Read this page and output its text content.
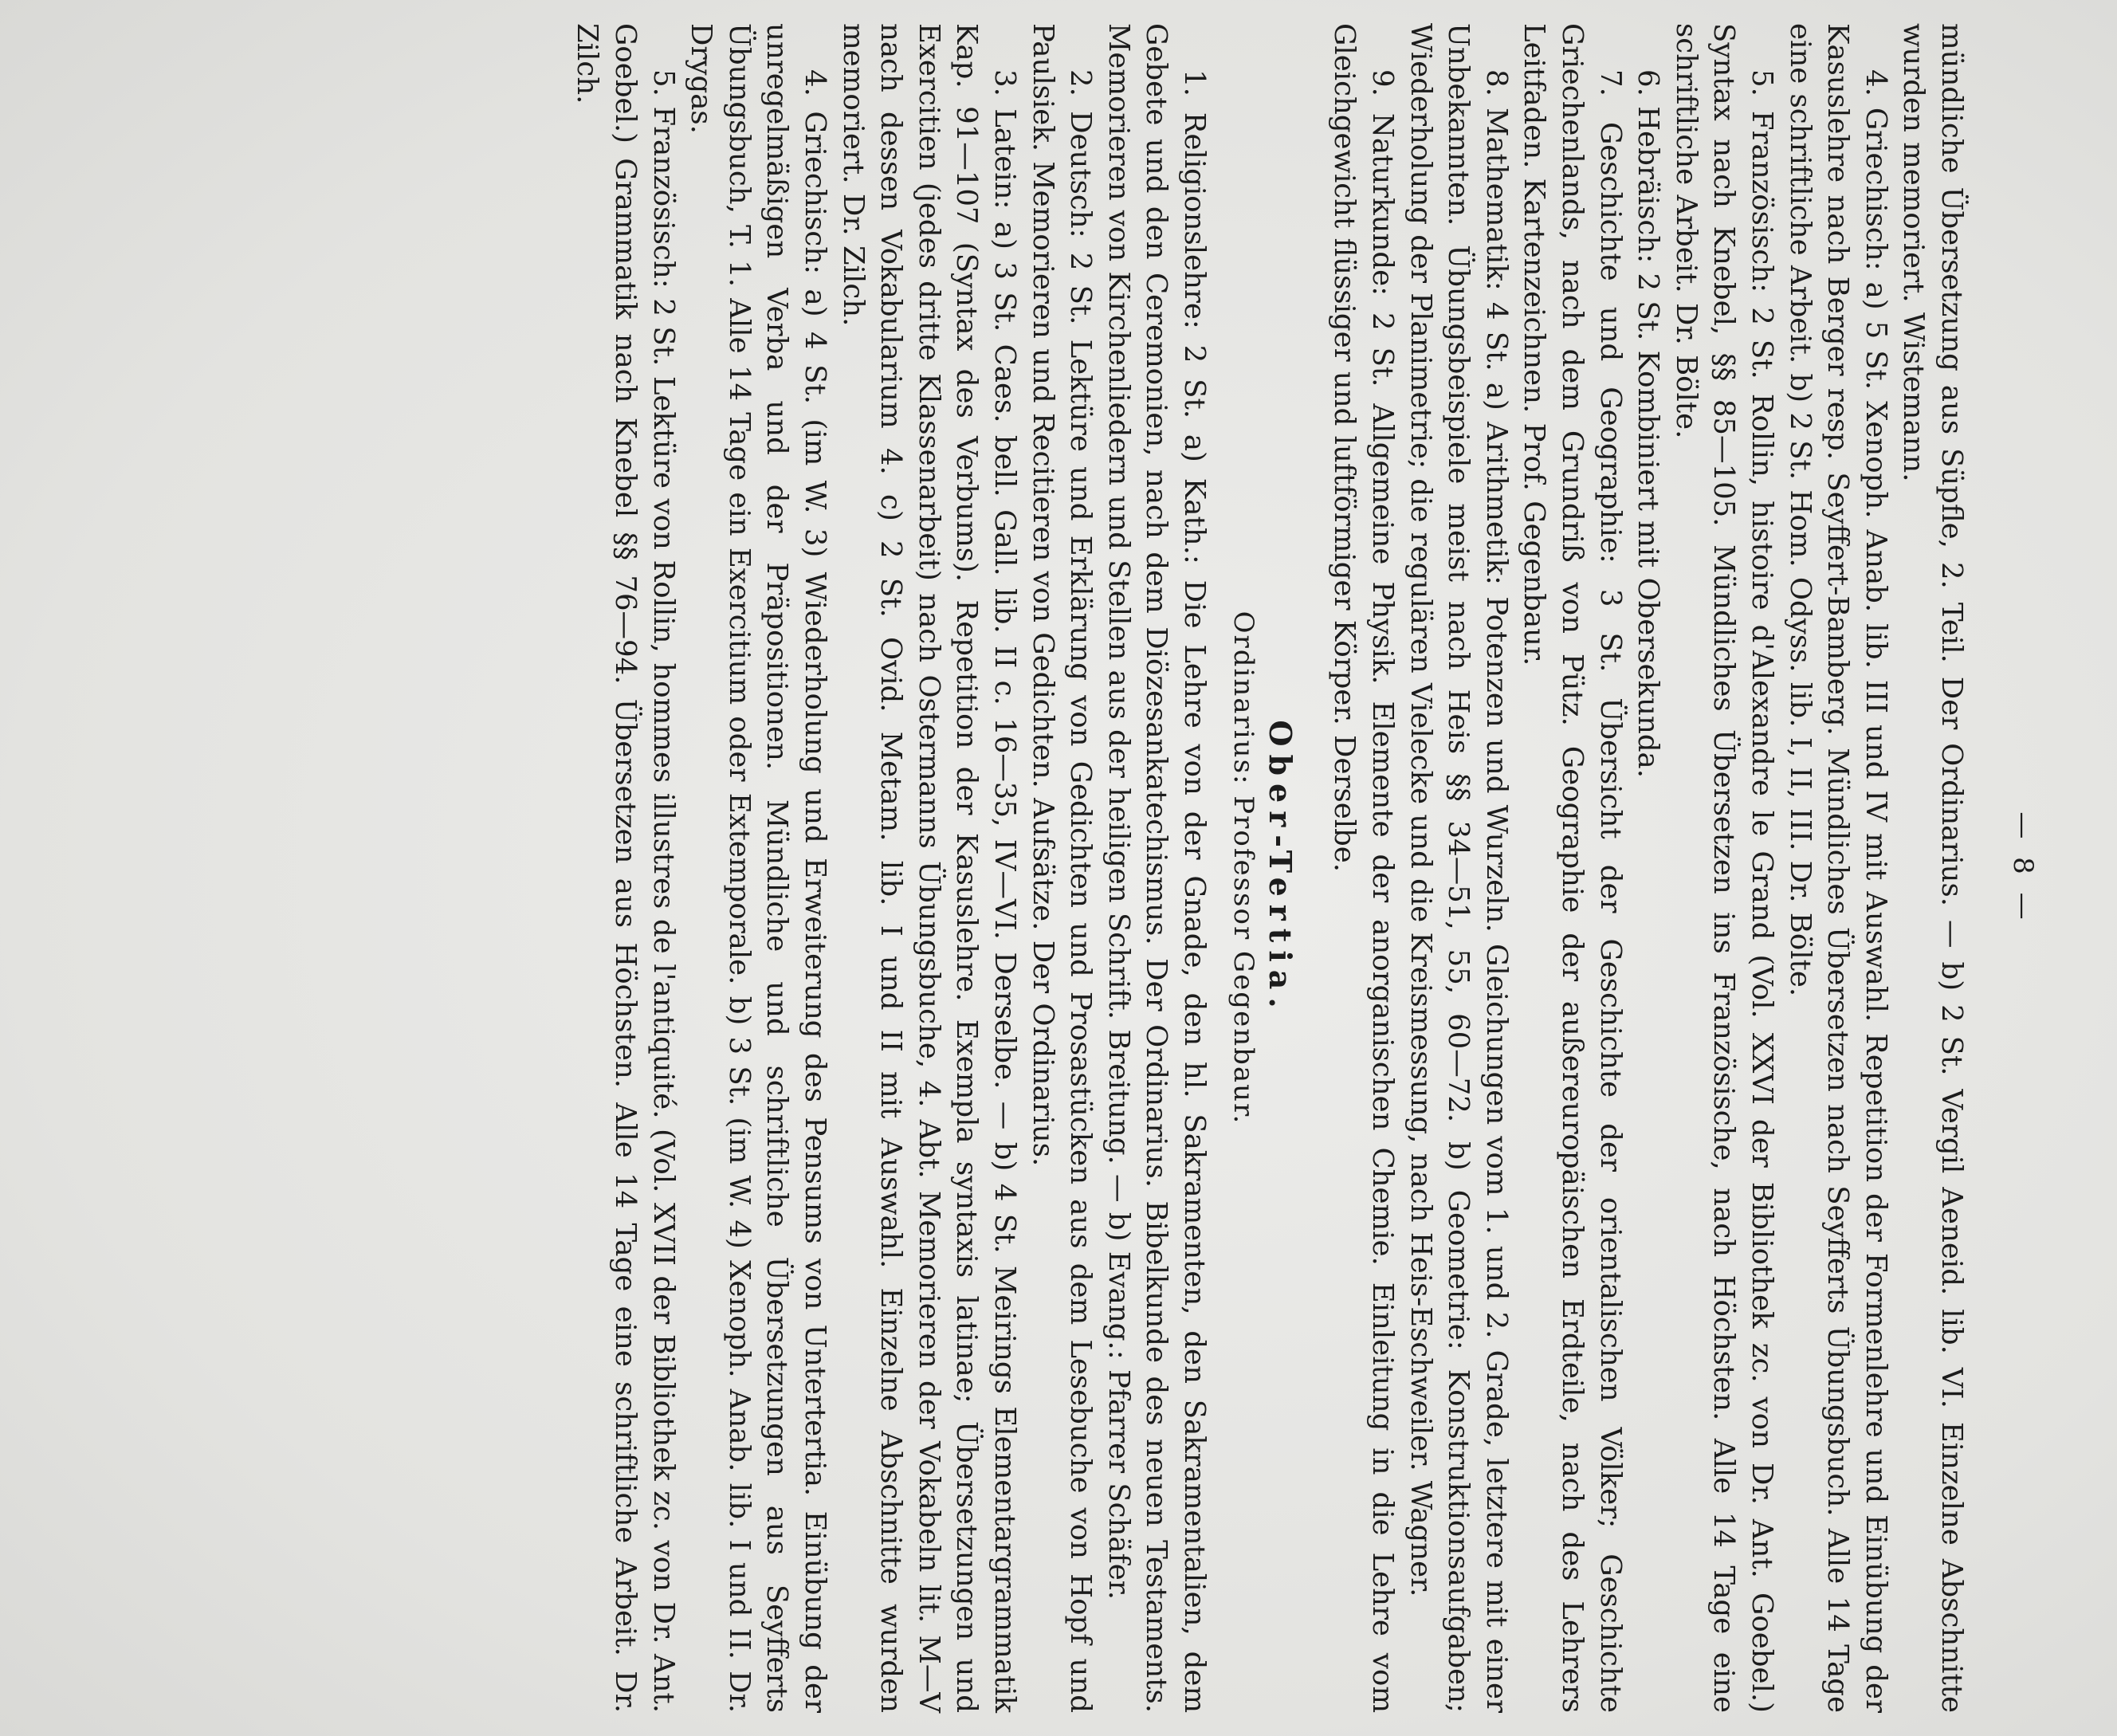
— 8 —

mündliche Übersetzung aus Süpfle, 2. Teil. Der Ordinarius. — b) 2 St. Vergil Aeneid. lib. VI. Einzelne Abschnitte wurden memoriert. Wistemann.

4. Griechisch: a) 5 St. Xenoph. Anab. lib. III und IV mit Auswahl. Repetition der Formenlehre und Einübung der Kasuslehre nach Berger resp. Seyffert-Bamberg. Mündliches Übersetzen nach Seyfferts Übungsbuch. Alle 14 Tage eine schriftliche Arbeit. b) 2 St. Hom. Odyss. lib. I, II, III. Dr. Bölte.

5. Französisch: 2 St. Rollin, histoire d'Alexandre le Grand (Vol. XXVI der Bibliothek zc. von Dr. Ant. Goebel.) Syntax nach Knebel, §§ 85—105. Mündliches Übersetzen ins Französische, nach Höchsten. Alle 14 Tage eine schriftliche Arbeit. Dr. Bölte.

6. Hebräisch: 2 St. Kombiniert mit Obersekunda.

7. Geschichte und Geographie: 3 St. Übersicht der Geschichte der orientalischen Völker; Geschichte Griechenlands, nach dem Grundriß von Pütz. Geographie der außereuropäischen Erdteile, nach des Lehrers Leitfaden. Kartenzeichnen. Prof. Gegenbaur.

8. Mathematik: 4 St. a) Arithmetik: Potenzen und Wurzeln. Gleichungen vom 1. und 2. Grade, letztere mit einer Unbekannten. Übungsbeispiele meist nach Heis §§ 34—51, 55, 60—72. b) Geometrie: Konstruktionsaufgaben; Wiederholung der Planimetrie; die regulären Vielecke und die Kreismessung, nach Heis-Eschweiler. Wagner.

9. Naturkunde: 2 St. Allgemeine Physik. Elemente der anorganischen Chemie. Einleitung in die Lehre vom Gleichgewicht flüssiger und luftförmiger Körper. Derselbe.

Ober-Tertia.
Ordinarius: Professor Gegenbaur.

1. Religionslehre: 2 St. a) Kath.: Die Lehre von der Gnade, den hl. Sakramenten, den Sakramentalien, dem Gebete und den Ceremonien, nach dem Diözesankatechismus. Der Ordinarius. Bibelkunde des neuen Testaments. Memorieren von Kirchenliedern und Stellen aus der heiligen Schrift. Breitung. — b) Evang.: Pfarrer Schäfer.

2. Deutsch: 2 St. Lektüre und Erklärung von Gedichten und Prosastücken aus dem Lesebuche von Hopf und Paulsiek. Memorieren und Recitieren von Gedichten. Aufsätze. Der Ordinarius.

3. Latein: a) 3 St. Caes. bell. Gall. lib. II c. 16—35, IV—VI. Derselbe. — b) 4 St. Meirings Elementargrammatik Kap. 91—107 (Syntax des Verbums). Repetition der Kasuslehre. Exempla syntaxis latinae; Übersetzungen und Exercitien (jedes dritte Klassenarbeit) nach Ostermanns Übungsbuche, 4. Abt. Memorieren der Vokabeln lit. M—V nach dessen Vokabularium 4. c) 2 St. Ovid. Metam. lib. I und II mit Auswahl. Einzelne Abschnitte wurden memoriert. Dr. Zilch.

4. Griechisch: a) 4 St. (im W. 3) Wiederholung und Erweiterung des Pensums von Untertertia. Einübung der unregelmäßigen Verba und der Präpositionen. Mündliche und schriftliche Übersetzungen aus Seyfferts Übungsbuch, T. 1. Alle 14 Tage ein Exercitium oder Extemporale. b) 3 St. (im W. 4) Xenoph. Anab. lib. I und II. Dr. Drygas.

5. Französisch: 2 St. Lektüre von Rollin, hommes illustres de l'antiquité. (Vol. XVII der Bibliothek zc. von Dr. Ant. Goebel.) Grammatik nach Knebel §§ 76—94. Übersetzen aus Höchsten. Alle 14 Tage eine schriftliche Arbeit. Dr. Zilch.
